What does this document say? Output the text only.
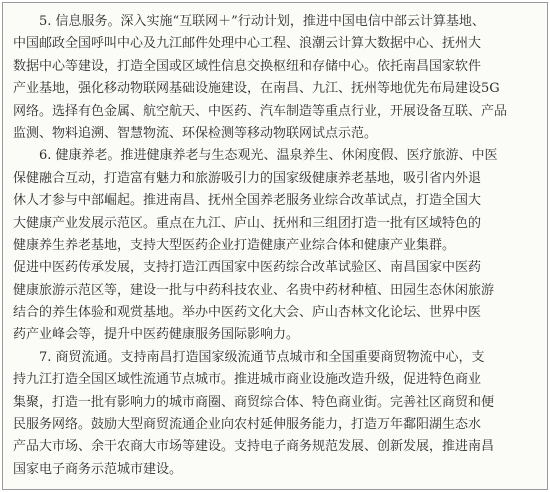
　　5. 信息服务。深入实施“互联网＋”行动计划，推进中国电信中部云计算基地、
中国邮政全国呼叫中心及九江邮件处理中心工程、浪潮云计算大数据中心、抚州大
数据中心等建设，打造全国或区域性信息交换枢纽和存储中心。依托南昌国家软件
产业基地，强化移动物联网基础设施建设，在南昌、九江、抚州等地优先布局建设5G
网络。选择有色金属、航空航天、中医药、汽车制造等重点行业，开展设备互联、产品
监测、物料追溯、智慧物流、环保检测等移动物联网试点示范。
　　6. 健康养老。推进健康养老与生态观光、温泉养生、休闲度假、医疗旅游、中医
保健融合互动，打造富有魅力和旅游吸引力的国家级健康养老基地，吸引省内外退
休人才参与中部崛起。推进南昌、抚州全国养老服务业综合改革试点，打造全国大
大健康产业发展示范区。重点在九江、庐山、抚州和三组团打造一批有区域特色的
健康养生养老基地，支持大型医药企业打造健康产业综合体和健康产业集群。
促进中医药传承发展，支持打造江西国家中医药综合改革试验区、南昌国家中医药
健康旅游示范区等，建设一批与中药科技农业、名贵中药材种植、田园生态休闲旅游
结合的养生体验和观赏基地。举办中医药文化大会、庐山杏林文化论坛、世界中医
药产业峰会等，提升中医药健康服务国际影响力。
　　7. 商贸流通。支持南昌打造国家级流通节点城市和全国重要商贸物流中心，支
持九江打造全国区域性流通节点城市。推进城市商业设施改造升级，促进特色商业
集聚，打造一批有影响力的城市商圈、商贸综合体、特色商业街。完善社区商贸和便
民服务网络。鼓励大型商贸流通企业向农村延伸服务能力，打造万年鄱阳湖生态水
产品大市场、余干农商大市场等建设。支持电子商务规范发展、创新发展，推进南昌
国家电子商务示范城市建设。
